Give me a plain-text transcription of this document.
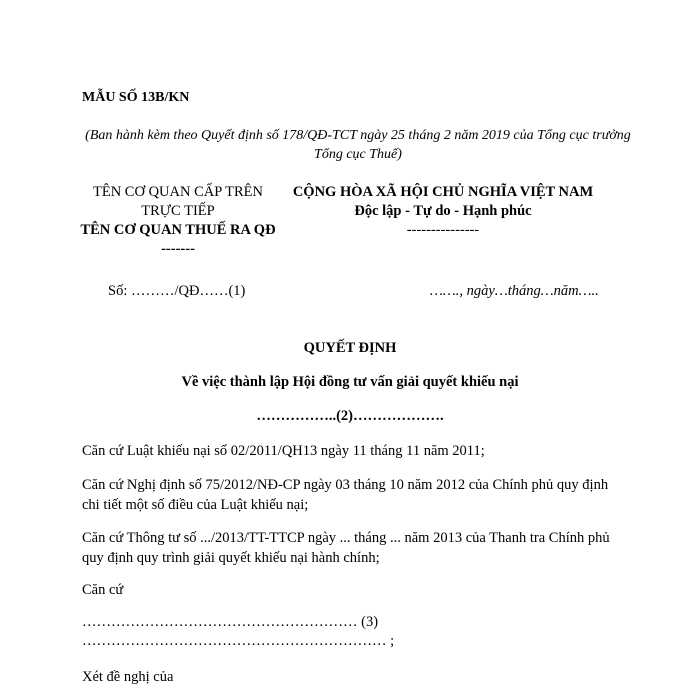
MẪU SỐ 13B/KN
(Ban hành kèm theo Quyết định số 178/QĐ-TCT ngày 25 tháng 2 năm 2019 của Tổng cục trưởng Tổng cục Thuế)
TÊN CƠ QUAN CẤP TRÊN TRỰC TIẾP
TÊN CƠ QUAN THUẾ RA QĐ
-------
CỘNG HÒA XÃ HỘI CHỦ NGHĨA VIỆT NAM
Độc lập - Tự do - Hạnh phúc
---------------
Số: ………/QĐ……(1)	……., ngày…tháng…năm…..
QUYẾT ĐỊNH
Về việc thành lập Hội đồng tư vấn giải quyết khiếu nại
……………..(2)……………….
Căn cứ Luật khiếu nại số 02/2011/QH13 ngày 11 tháng 11 năm 2011;
Căn cứ Nghị định số 75/2012/NĐ-CP ngày 03 tháng 10 năm 2012 của Chính phủ quy định chi tiết một số điều của Luật khiếu nại;
Căn cứ Thông tư số .../2013/TT-TTCP ngày ... tháng ... năm 2013 của Thanh tra Chính phủ quy định quy trình giải quyết khiếu nại hành chính;
Căn cứ
………………………………………………… (3)
……………………………………………………… ;
Xét đề nghị của
